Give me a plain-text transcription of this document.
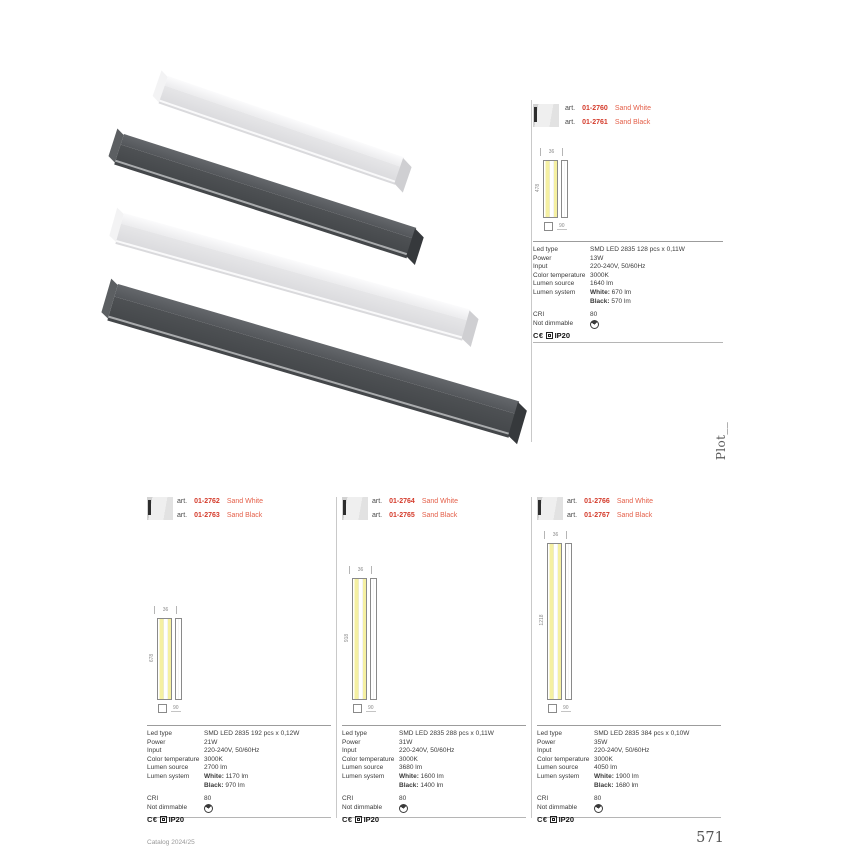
art. 01-2760 Sand White
art. 01-2761 Sand Black
36
478
90
Led type	SMD LED 2835 128 pcs x 0,11W
Power	13W
Input	220-240V, 50/60Hz
Color temperature 3000K
Lumen source	1640 lm
Lumen system	White: 670 lm
Black: 570 lm
CRI	80
Not dimmable
C€ IP20
art. 01-2762 Sand White
art. 01-2763 Sand Black
36
678
90
Led type	SMD LED 2835 192 pcs x 0,12W
Power	21W
Input	220-240V, 50/60Hz
Color temperature 3000K
Lumen source	2700 lm
Lumen system	White: 1170 lm
Black: 970 lm
CRI	80
Not dimmable
C€ IP20
art. 01-2764 Sand White
art. 01-2765 Sand Black
36
918
90
Led type	SMD LED 2835 288 pcs x 0,11W
Power	31W
Input	220-240V, 50/60Hz
Color temperature 3000K
Lumen source	3680 lm
Lumen system	White: 1600 lm
Black: 1400 lm
CRI	80
Not dimmable
C€ IP20
art. 01-2766 Sand White
art. 01-2767 Sand Black
36
1218
90
Led type	SMD LED 2835 384 pcs x 0,10W
Power	35W
Input	220-240V, 50/60Hz
Color temperature 3000K
Lumen source	4050 lm
Lumen system	White: 1900 lm
Black: 1680 lm
CRI	80
Not dimmable
C€ IP20
Plot__
Catalog 2024/25	571
